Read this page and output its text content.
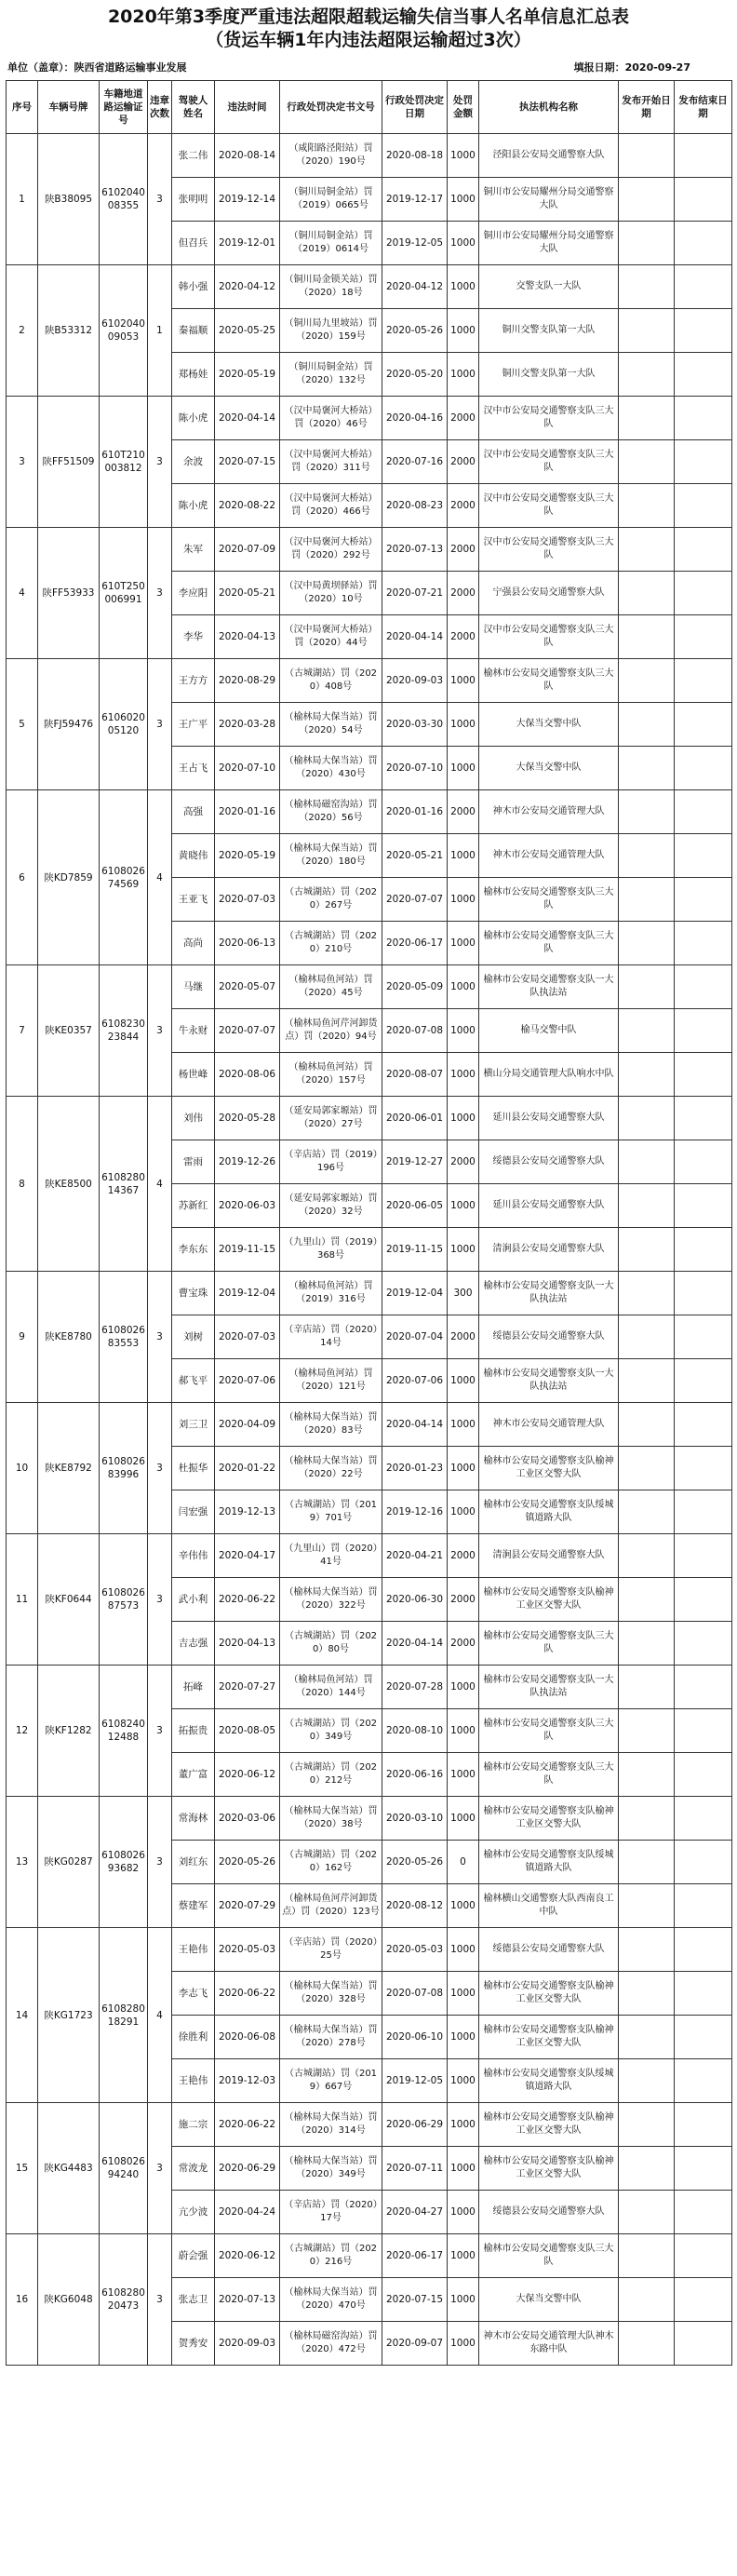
2020年第3季度严重违法超限超载运输失信当事人名单信息汇总表
（货运车辆1年内违法超限运输超过3次）
单位（盖章）：陕西省道路运输事业发展	填报日期：2020-09-27
序号	车辆号牌	车籍地道路运输证号	违章次数	驾驶人姓名	违法时间	行政处罚决定书文号	行政处罚决定日期	处罚金额	执法机构名称	发布开始日期	发布结束日期
1	陕B38095	610204008355	3	张二伟	2020-08-14	（咸阳路泾阳站）罚（2020）190号	2020-08-18	1000	泾阳县公安局交通警察大队		
				张明明	2019-12-14	（铜川局铜金站）罚（2019）0665号	2019-12-17	1000	铜川市公安局耀州分局交通警察大队		
				但召兵	2019-12-01	（铜川局铜金站）罚（2019）0614号	2019-12-05	1000	铜川市公安局耀州分局交通警察大队		
2	陕B53312	610204009053	1	韩小强	2020-04-12	（铜川局金锁关站）罚（2020）18号	2020-04-12	1000	交警支队一大队		
				秦福顺	2020-05-25	（铜川局九里坡站）罚（2020）159号	2020-05-26	1000	铜川交警支队第一大队		
				郑杨娃	2020-05-19	（铜川局铜金站）罚（2020）132号	2020-05-20	1000	铜川交警支队第一大队		
3	陕FF51509	610T210003812	3	陈小虎	2020-04-14	（汉中局褒河大桥站）罚（2020）46号	2020-04-16	2000	汉中市公安局交通警察支队三大队		
				余波	2020-07-15	（汉中局褒河大桥站）罚（2020）311号	2020-07-16	2000	汉中市公安局交通警察支队三大队		
				陈小虎	2020-08-22	（汉中局褒河大桥站）罚（2020）466号	2020-08-23	2000	汉中市公安局交通警察支队三大队		
4	陕FF53933	610T250006991	3	朱军	2020-07-09	（汉中局褒河大桥站）罚（2020）292号	2020-07-13	2000	汉中市公安局交通警察支队三大队		
				李应阳	2020-05-21	（汉中局黄坝驿站）罚（2020）10号	2020-07-21	2000	宁强县公安局交通警察大队		
				李华	2020-04-13	（汉中局褒河大桥站）罚（2020）44号	2020-04-14	2000	汉中市公安局交通警察支队三大队		
5	陕FJ59476	610602005120	3	王方方	2020-08-29	（古城湖站）罚（2020）408号	2020-09-03	1000	榆林市公安局交通警察支队三大队		
				王广平	2020-03-28	（榆林局大保当站）罚（2020）54号	2020-03-30	1000	大保当交警中队		
				王占飞	2020-07-10	（榆林局大保当站）罚（2020）430号	2020-07-10	1000	大保当交警中队		
6	陕KD7859	610802674569	4	高强	2020-01-16	（榆林局磁窑沟站）罚（2020）56号	2020-01-16	2000	神木市公安局交通管理大队		
				黄晓伟	2020-05-19	（榆林局大保当站）罚（2020）180号	2020-05-21	1000	神木市公安局交通管理大队		
				王亚飞	2020-07-03	（古城湖站）罚（2020）267号	2020-07-07	1000	榆林市公安局交通警察支队三大队		
				高尚	2020-06-13	（古城湖站）罚（2020）210号	2020-06-17	1000	榆林市公安局交通警察支队三大队		
7	陕KE0357	610823023844	3	马继	2020-05-07	（榆林局鱼河站）罚（2020）45号	2020-05-09	1000	榆林市公安局交通警察支队一大队执法站		
				牛永财	2020-07-07	（榆林局鱼河芹河卸货点）罚（2020）94号	2020-07-08	1000	榆马交警中队		
				杨世峰	2020-08-06	（榆林局鱼河站）罚（2020）157号	2020-08-07	1000	横山分局交通管理大队响水中队		
8	陕KE8500	610828014367	4	刘伟	2020-05-28	（延安局郭家塬站）罚（2020）27号	2020-06-01	1000	延川县公安局交通警察大队		
				雷雨	2019-12-26	（辛店站）罚（2019）196号	2019-12-27	2000	绥德县公安局交通警察大队		
				苏新红	2020-06-03	（延安局郭家塬站）罚（2020）32号	2020-06-05	1000	延川县公安局交通警察大队		
				李东东	2019-11-15	（九里山）罚（2019）368号	2019-11-15	1000	清涧县公安局交通警察大队		
9	陕KE8780	610802683553	3	曹宝珠	2019-12-04	（榆林局鱼河站）罚（2019）316号	2019-12-04	300	榆林市公安局交通警察支队一大队执法站		
				刘树	2020-07-03	（辛店站）罚（2020）14号	2020-07-04	2000	绥德县公安局交通警察大队		
				郝飞平	2020-07-06	（榆林局鱼河站）罚（2020）121号	2020-07-06	1000	榆林市公安局交通警察支队一大队执法站		
10	陕KE8792	610802683996	3	刘三卫	2020-04-09	（榆林局大保当站）罚（2020）83号	2020-04-14	1000	神木市公安局交通管理大队		
				杜振华	2020-01-22	（榆林局大保当站）罚（2020）22号	2020-01-23	1000	榆林市公安局交通警察支队榆神工业区交警大队		
				闫宏强	2019-12-13	（古城湖站）罚（2019）701号	2019-12-16	1000	榆林市公安局交通警察支队绥城镇道路大队		
11	陕KF0644	610802687573	3	辛伟伟	2020-04-17	（九里山）罚（2020）41号	2020-04-21	2000	清涧县公安局交通警察大队		
				武小利	2020-06-22	（榆林局大保当站）罚（2020）322号	2020-06-30	2000	榆林市公安局交通警察支队榆神工业区交警大队		
				吉志强	2020-04-13	（古城湖站）罚（2020）80号	2020-04-14	2000	榆林市公安局交通警察支队三大队		
12	陕KF1282	610824012488	3	拓峰	2020-07-27	（榆林局鱼河站）罚（2020）144号	2020-07-28	1000	榆林市公安局交通警察支队一大队执法站		
				拓振贵	2020-08-05	（古城湖站）罚（2020）349号	2020-08-10	1000	榆林市公安局交通警察支队三大队		
				董广富	2020-06-12	（古城湖站）罚（2020）212号	2020-06-16	1000	榆林市公安局交通警察支队三大队		
13	陕KG0287	610802693682	3	常海林	2020-03-06	（榆林局大保当站）罚（2020）38号	2020-03-10	1000	榆林市公安局交通警察支队榆神工业区交警大队		
				刘红东	2020-05-26	（古城湖站）罚（2020）162号	2020-05-26	0	榆林市公安局交通警察支队绥城镇道路大队		
				蔡建军	2020-07-29	（榆林局鱼河芹河卸货点）罚（2020）123号	2020-08-12	1000	榆林横山交通警察大队西南良工中队		
14	陕KG1723	610828018291	4	王艳伟	2020-05-03	（辛店站）罚（2020）25号	2020-05-03	1000	绥德县公安局交通警察大队		
				李志飞	2020-06-22	（榆林局大保当站）罚（2020）328号	2020-07-08	1000	榆林市公安局交通警察支队榆神工业区交警大队		
				徐胜利	2020-06-08	（榆林局大保当站）罚（2020）278号	2020-06-10	1000	榆林市公安局交通警察支队榆神工业区交警大队		
				王艳伟	2019-12-03	（古城湖站）罚（2019）667号	2019-12-05	1000	榆林市公安局交通警察支队绥城镇道路大队		
15	陕KG4483	610802694240	3	施二宗	2020-06-22	（榆林局大保当站）罚（2020）314号	2020-06-29	1000	榆林市公安局交通警察支队榆神工业区交警大队		
				常波龙	2020-06-29	（榆林局大保当站）罚（2020）349号	2020-07-11	1000	榆林市公安局交通警察支队榆神工业区交警大队		
				亢少波	2020-04-24	（辛店站）罚（2020）17号	2020-04-27	1000	绥德县公安局交通警察大队		
16	陕KG6048	610828020473	3	蔚会强	2020-06-12	（古城湖站）罚（2020）216号	2020-06-17	1000	榆林市公安局交通警察支队三大队		
				张志卫	2020-07-13	（榆林局大保当站）罚（2020）470号	2020-07-15	1000	大保当交警中队		
				贺秀安	2020-09-03	（榆林局磁窑沟站）罚（2020）472号	2020-09-07	1000	神木市公安局交通管理大队神木东路中队		
